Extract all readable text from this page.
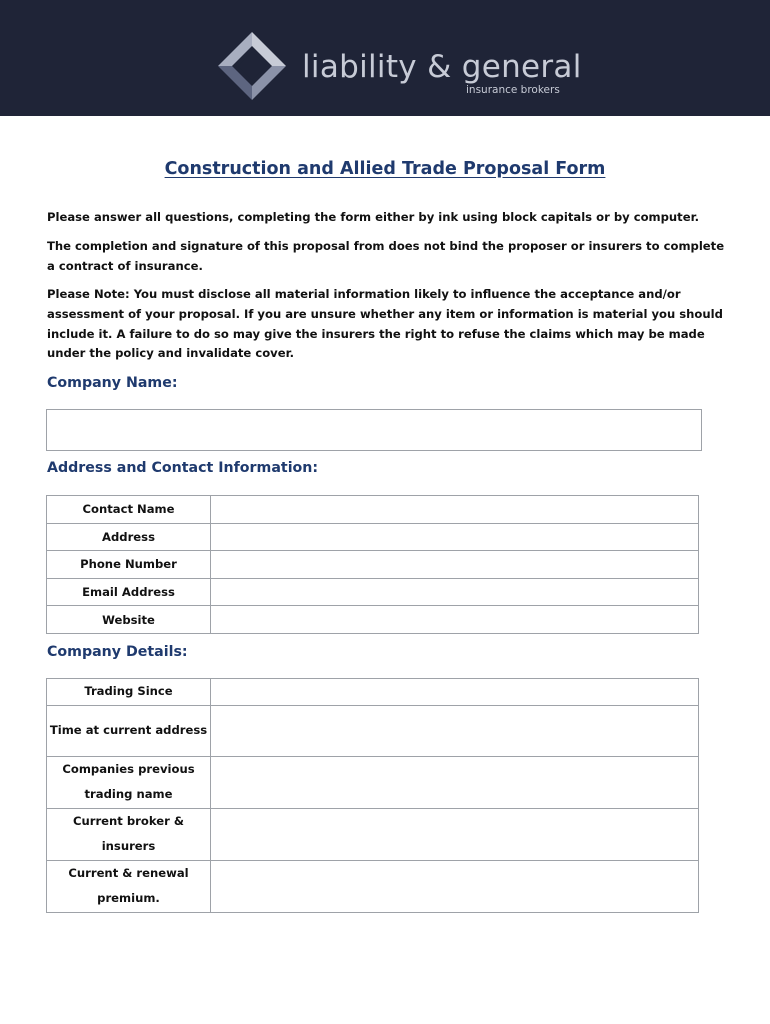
liability & general
insurance brokers
Construction and Allied Trade Proposal Form
Please answer all questions, completing the form either by ink using block capitals or by computer.
The completion and signature of this proposal from does not bind the proposer or insurers to complete a contract of insurance.
Please Note: You must disclose all material information likely to influence the acceptance and/or assessment of your proposal. If you are unsure whether any item or information is material you should include it. A failure to do so may give the insurers the right to refuse the claims which may be made under the policy and invalidate cover.
Company Name:
Address and Contact Information:
Contact Name	
Address	
Phone Number	
Email Address	
Website	
Company Details:
Trading Since	
Time at current address	
Companies previous trading name	
Current broker & insurers	
Current & renewal premium.	
